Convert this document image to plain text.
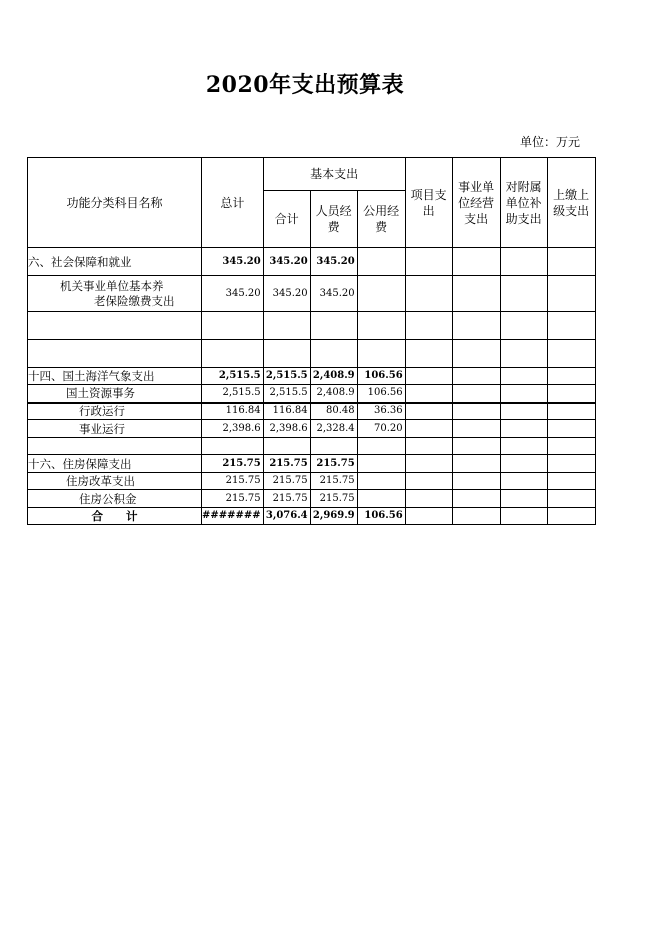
2020年支出预算表
单位：万元
功能分类科目名称	总计	基本支出			项目支出	事业单位经营支出	对附属单位补助支出	上缴上级支出
		合计	人员经费	公用经费				
六、社会保障和就业	345.20	345.20	345.20					

机关事业单位基本养
老保险缴费支出	345.20	345.20	345.20					

十四、国土海洋气象支出	2,515.5	2,515.5	2,408.9	106.56				
国土资源事务	2,515.5	2,515.5	2,408.9	106.56				
行政运行	116.84	116.84	80.48	36.36				
事业运行	2,398.6	2,398.6	2,328.4	70.20				

十六、住房保障支出	215.75	215.75	215.75					
住房改革支出	215.75	215.75	215.75					
住房公积金	215.75	215.75	215.75					
合　　计	#######	3,076.4	2,969.9	106.56				
